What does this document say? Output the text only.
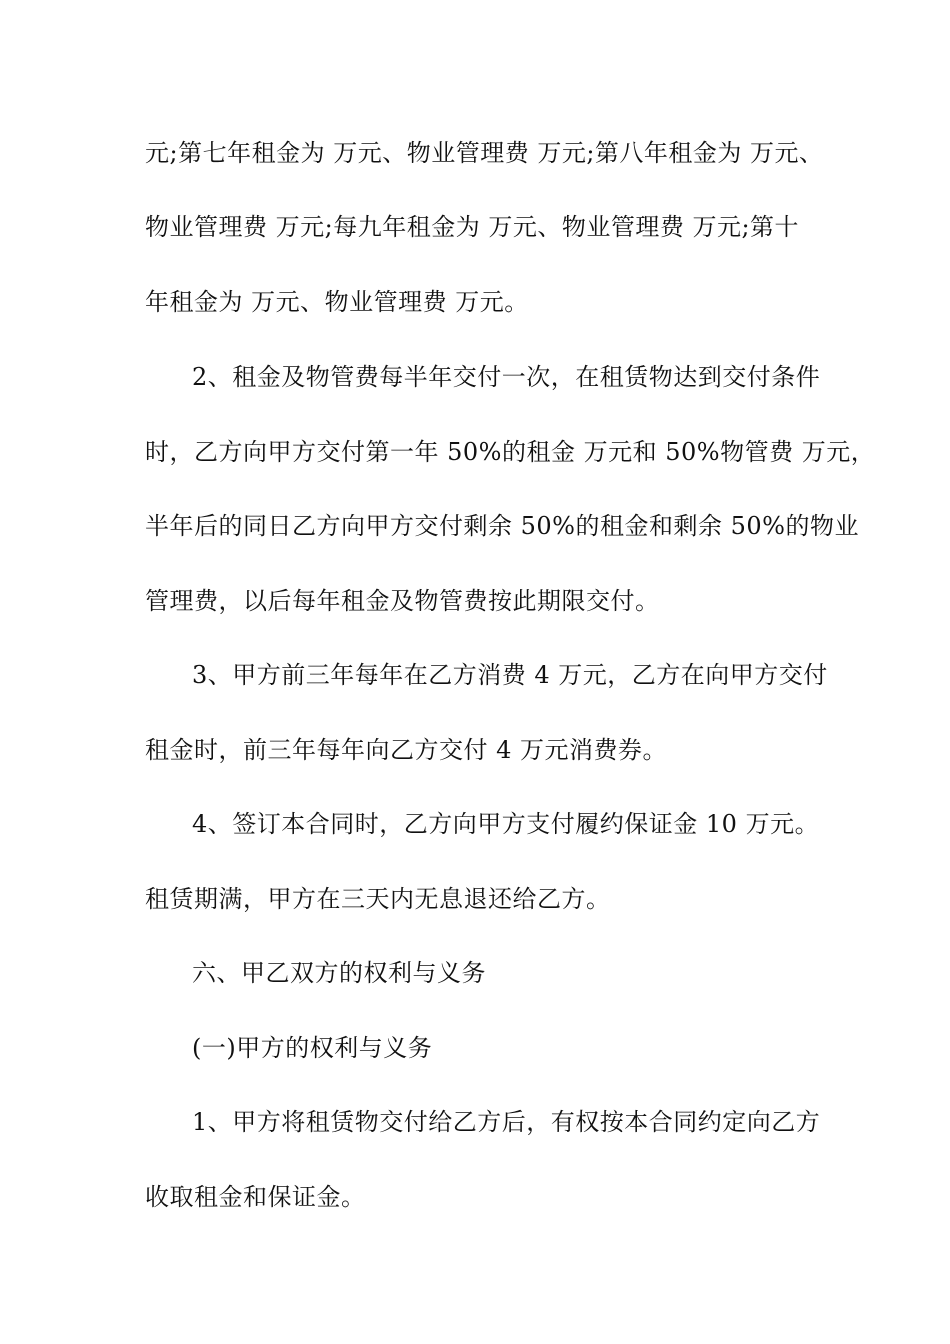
元;第七年租金为 万元、物业管理费 万元;第八年租金为 万元、
物业管理费 万元;每九年租金为 万元、物业管理费 万元;第十
年租金为 万元、物业管理费 万元。
2、租金及物管费每半年交付一次，在租赁物达到交付条件
时，乙方向甲方交付第一年 50%的租金 万元和 50%物管费 万元，
半年后的同日乙方向甲方交付剩余 50%的租金和剩余 50%的物业
管理费，以后每年租金及物管费按此期限交付。
3、甲方前三年每年在乙方消费 4 万元，乙方在向甲方交付
租金时，前三年每年向乙方交付 4 万元消费券。
4、签订本合同时，乙方向甲方支付履约保证金 10 万元。
租赁期满，甲方在三天内无息退还给乙方。
六、甲乙双方的权利与义务
(一)甲方的权利与义务
1、甲方将租赁物交付给乙方后，有权按本合同约定向乙方
收取租金和保证金。
